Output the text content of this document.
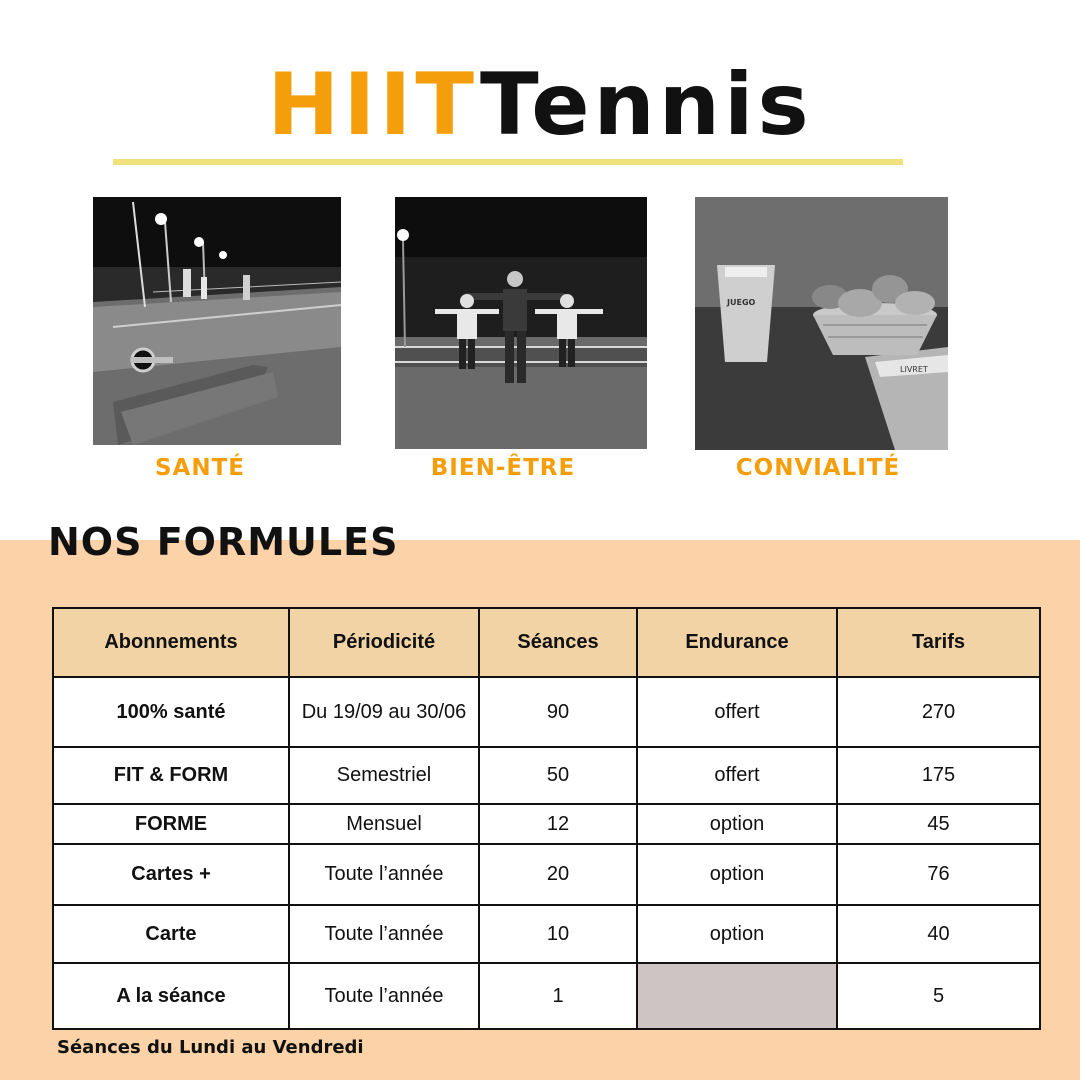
HIITTennis
SANTÉ	BIEN-ÊTRE
LIVRET
JUEGO
CONVIALITÉ
NOS FORMULES
Abonnements	Périodicité	Séances	Endurance	Tarifs
100% santé	Du 19/09 au 30/06	90	offert	270
FIT & FORM	Semestriel	50	offert	175
FORME	Mensuel	12	option	45
Cartes +	Toute l’année	20	option	76
Carte	Toute l’année	10	option	40
A la séance	Toute l’année	1		5
Séances du Lundi au Vendredi
